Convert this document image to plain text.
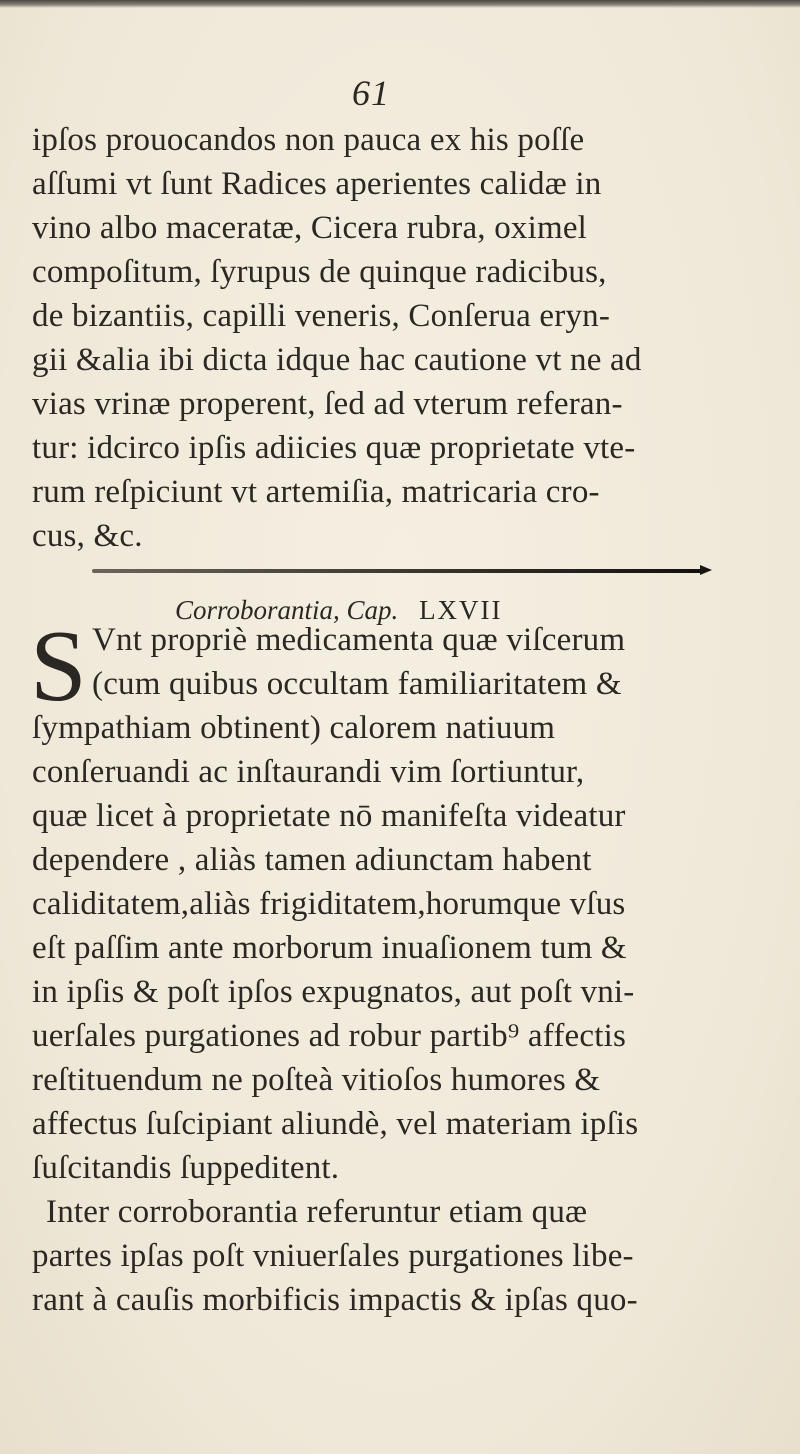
61
ipſos prouocandos non pauca ex his poſſe
aſſumi vt ſunt Radices aperientes calidæ in
vino albo maceratæ, Cicera rubra, oximel
compoſitum, ſyrupus de quinque radicibus,
de bizantiis, capilli veneris, Conſerua eryn-
gii &alia ibi dicta idque hac cautione vt ne ad
vias vrinæ properent, ſed ad vterum referan-
tur: idcirco ipſis adiicies quæ proprietate vte-
rum reſpiciunt vt artemiſia, matricaria cro-
cus, &c.
Corroborantia, Cap. LXVII
S Vnt propriè medicamenta quæ viſcerum
(cum quibus occultam familiaritatem &
ſympathiam obtinent) calorem natiuum
conſeruandi ac inſtaurandi vim ſortiuntur,
quæ licet à proprietate nō manifeſta videatur
dependere , aliàs tamen adiunctam habent
caliditatem,aliàs frigiditatem,horumque vſus
eſt paſſim ante morborum inuaſionem tum &
in ipſis & poſt ipſos expugnatos, aut poſt vni-
uerſales purgationes ad robur partib⁹ affectis
reſtituendum ne poſteà vitioſos humores &
affectus ſuſcipiant aliundè, vel materiam ipſis
ſuſcitandis ſuppeditent.
Inter corroborantia referuntur etiam quæ
partes ipſas poſt vniuerſales purgationes libe-
rant à cauſis morbificis impactis & ipſas quo-
